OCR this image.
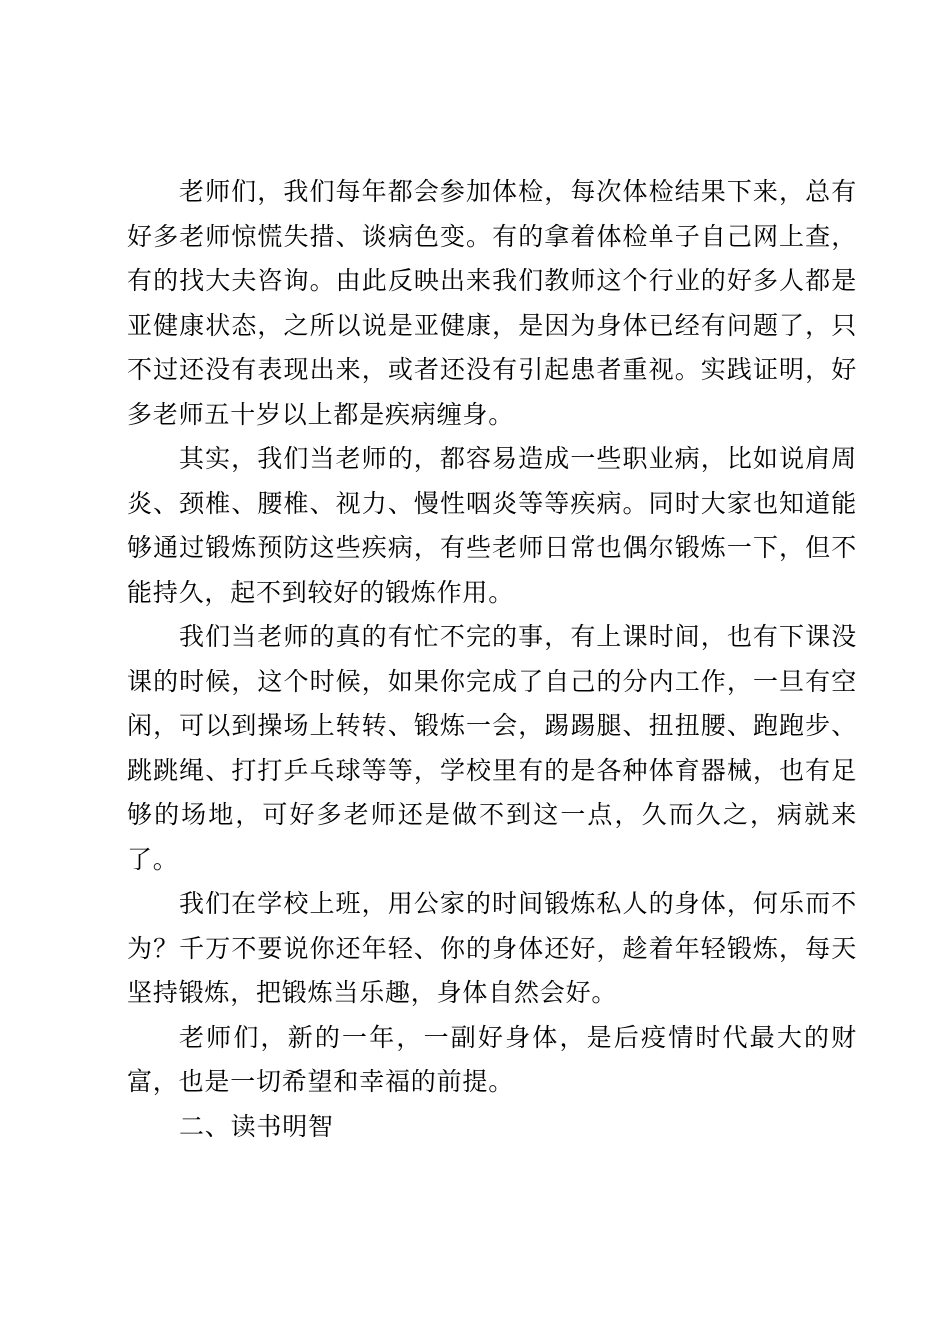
老师们，我们每年都会参加体检，每次体检结果下来，总有好多老师惊慌失措、谈病色变。有的拿着体检单子自己网上查，有的找大夫咨询。由此反映出来我们教师这个行业的好多人都是亚健康状态，之所以说是亚健康，是因为身体已经有问题了，只不过还没有表现出来，或者还没有引起患者重视。实践证明，好多老师五十岁以上都是疾病缠身。

其实，我们当老师的，都容易造成一些职业病，比如说肩周炎、颈椎、腰椎、视力、慢性咽炎等等疾病。同时大家也知道能够通过锻炼预防这些疾病，有些老师日常也偶尔锻炼一下，但不能持久，起不到较好的锻炼作用。

我们当老师的真的有忙不完的事，有上课时间，也有下课没课的时候，这个时候，如果你完成了自己的分内工作，一旦有空闲，可以到操场上转转、锻炼一会，踢踢腿、扭扭腰、跑跑步、跳跳绳、打打乒乓球等等，学校里有的是各种体育器械，也有足够的场地，可好多老师还是做不到这一点，久而久之，病就来了。

我们在学校上班，用公家的时间锻炼私人的身体，何乐而不为？千万不要说你还年轻、你的身体还好，趁着年轻锻炼，每天坚持锻炼，把锻炼当乐趣，身体自然会好。

老师们，新的一年，一副好身体，是后疫情时代最大的财富，也是一切希望和幸福的前提。

二、读书明智
